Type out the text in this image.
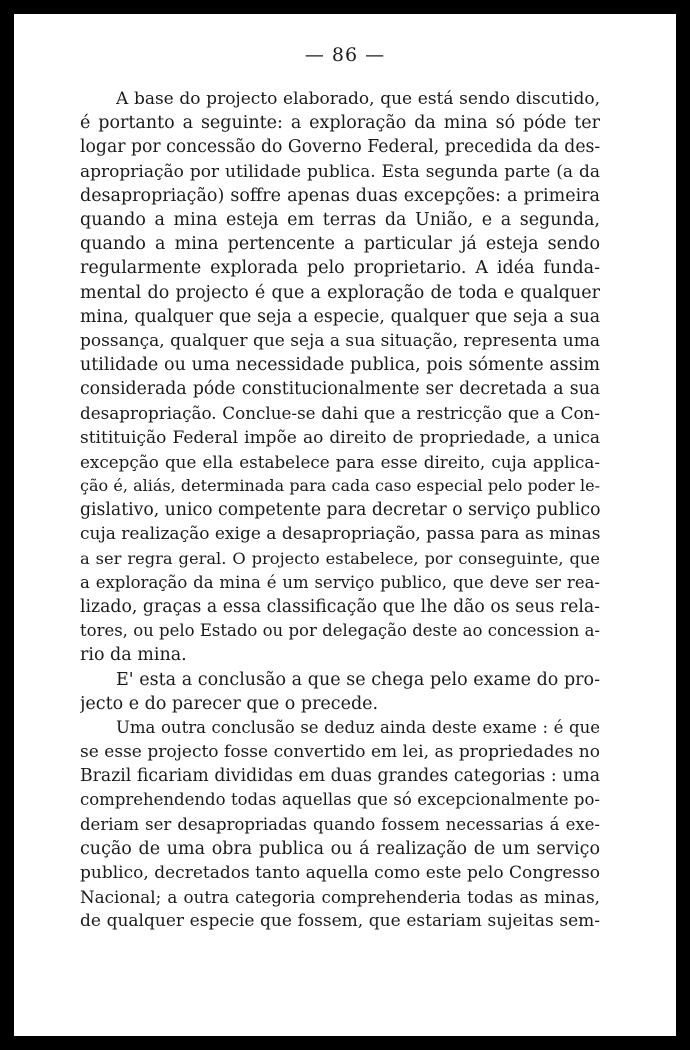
— 86 —
A base do projecto elaborado, que está sendo discutido,
é portanto a seguinte: a exploração da mina só póde ter
logar por concessão do Governo Federal, precedida da des-
apropriação por utilidade publica. Esta segunda parte (a da
desapropriação) soffre apenas duas excepções: a primeira
quando a mina esteja em terras da União, e a segunda,
quando a mina pertencente a particular já esteja sendo
regularmente explorada pelo proprietario. A idéa funda-
mental do projecto é que a exploração de toda e qualquer
mina, qualquer que seja a especie, qualquer que seja a sua
possança, qualquer que seja a sua situação, representa uma
utilidade ou uma necessidade publica, pois sómente assim
considerada póde constitucionalmente ser decretada a sua
desapropriação. Conclue-se dahi que a restricção que a Con-
stitituição Federal impõe ao direito de propriedade, a unica
excepção que ella estabelece para esse direito, cuja applica-
ção é, aliás, determinada para cada caso especial pelo poder le-
gislativo, unico competente para decretar o serviço publico
cuja realização exige a desapropriação, passa para as minas
a ser regra geral. O projecto estabelece, por conseguinte, que
a exploração da mina é um serviço publico, que deve ser rea-
lizado, graças a essa classificação que lhe dão os seus rela-
tores, ou pelo Estado ou por delegação deste ao concession a-
rio da mina.
E' esta a conclusão a que se chega pelo exame do pro-
jecto e do parecer que o precede.
Uma outra conclusão se deduz ainda deste exame : é que
se esse projecto fosse convertido em lei, as propriedades no
Brazil ficariam divididas em duas grandes categorias : uma
comprehendendo todas aquellas que só excepcionalmente po-
deriam ser desapropriadas quando fossem necessarias á exe-
cução de uma obra publica ou á realização de um serviço
publico, decretados tanto aquella como este pelo Congresso
Nacional; a outra categoria comprehenderia todas as minas,
de qualquer especie que fossem, que estariam sujeitas sem-
